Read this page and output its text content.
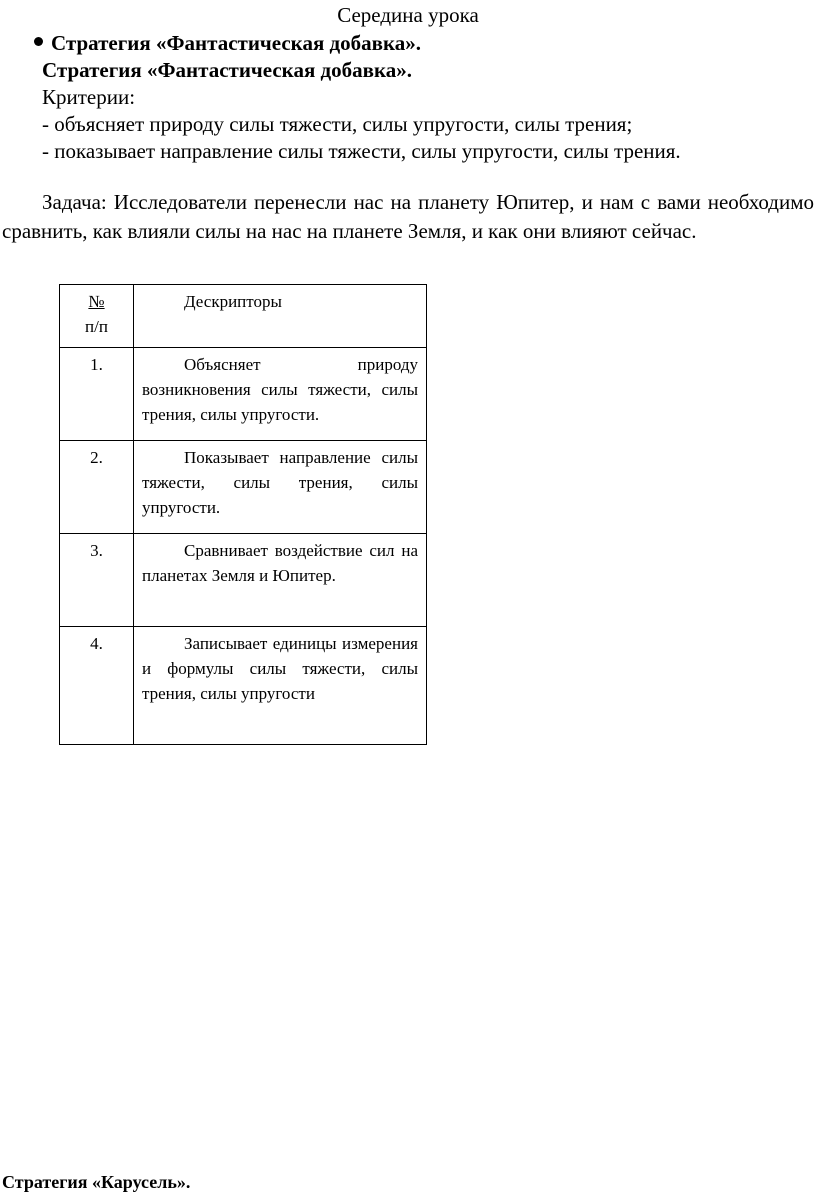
Середина урока
Стратегия «Фантастическая добавка».
Стратегия «Фантастическая добавка».
Критерии:
- объясняет природу силы тяжести, силы упругости, силы трения;
- показывает направление силы тяжести, силы упругости, силы трения.
Задача: Исследователи перенесли нас на планету Юпитер, и нам с вами необходимо сравнить, как влияли силы на нас на планете Земля, и как они влияют сейчас.
№
п/п	Дескрипторы
1.	Объясняет природу возникновения силы тяжести, силы трения, силы упругости.
2.	Показывает направление силы тяжести, силы трения, силы упругости.
3.	Сравнивает воздействие сил на планетах Земля и Юпитер.
4.	Записывает единицы измерения и формулы силы тяжести, силы трения, силы упругости
Стратегия «Карусель».
